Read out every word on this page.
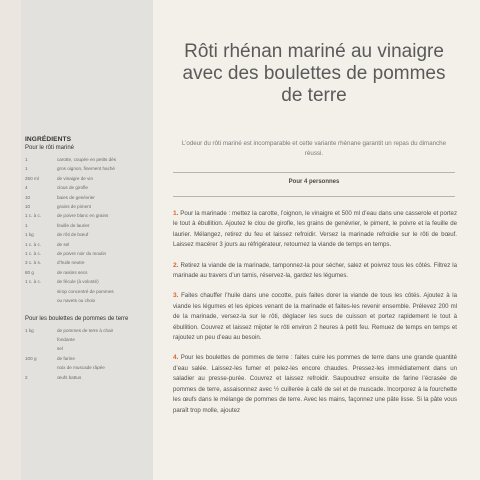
INGRÉDIENTS
Pour le rôti mariné
1	carotte, coupée en petits dés
1	gros oignon, finement haché
250 ml	de vinaigre de vin
4	clous de girofle
10	baies de genévrier
10	grains de piment
1 c. à c.	de poivre blanc en grains
1	feuille de laurier
1 kg	de rôti de bœuf
1 c. à c.	de sel
1 c. à c.	de poivre noir du moulin
3 c. à s.	d’huile neutre
80 g	de raisins secs
1 c. à c.	de fécule (à volonté)
sirop concentré de pommes
ou navets ou choix
Pour les boulettes de pommes de terre
1 kg	de pommes de terre à chair
fondante
sel
100 g	de farine
noix de muscade râpée
2	œufs battus
Rôti rhénan mariné au vinaigre avec des boulettes de pommes de terre

L’odeur du rôti mariné est incomparable et cette variante rhénane garantit un repas du dimanche réussi.

Pour 4 personnes

1. Pour la marinade : mettez la carotte, l’oignon, le vinaigre et 500 ml d’eau dans une casserole et portez le tout à ébullition. Ajoutez le clou de girofle, les grains de genévrier, le piment, le poivre et la feuille de laurier. Mélangez, retirez du feu et laissez refroidir. Versez la marinade refroidie sur le rôti de bœuf. Laissez macérer 3 jours au réfrigérateur, retournez la viande de temps en temps.

2. Retirez la viande de la marinade, tamponnez-la pour sécher, salez et poivrez tous les côtés. Filtrez la marinade au travers d’un tamis, réservez-la, gardez les légumes.

3. Faites chauffer l’huile dans une cocotte, puis faites dorer la viande de tous les côtés. Ajoutez à la viande les légumes et les épices venant de la marinade et faites-les revenir ensemble. Prélevez 200 ml de la marinade, versez-la sur le rôti, déglacer les sucs de cuisson et portez rapidement le tout à ébullition. Couvrez et laissez mijoter le rôti environ 2 heures à petit feu. Remuez de temps en temps et rajoutez un peu d’eau au besoin.

4. Pour les boulettes de pommes de terre : faites cuire les pommes de terre dans une grande quantité d’eau salée. Laissez-les fumer et pelez-les encore chaudes. Pressez-les immédiatement dans un saladier au presse-purée. Couvrez et laissez refroidir. Saupoudrez ensuite de farine l’écrasée de pommes de terre, assaisonnez avec ½ cuillerée à café de sel et de muscade. Incorporez à la fourchette les œufs dans le mélange de pommes de terre. Avec les mains, façonnez une pâte lisse. Si la pâte vous paraît trop molle, ajoutez
